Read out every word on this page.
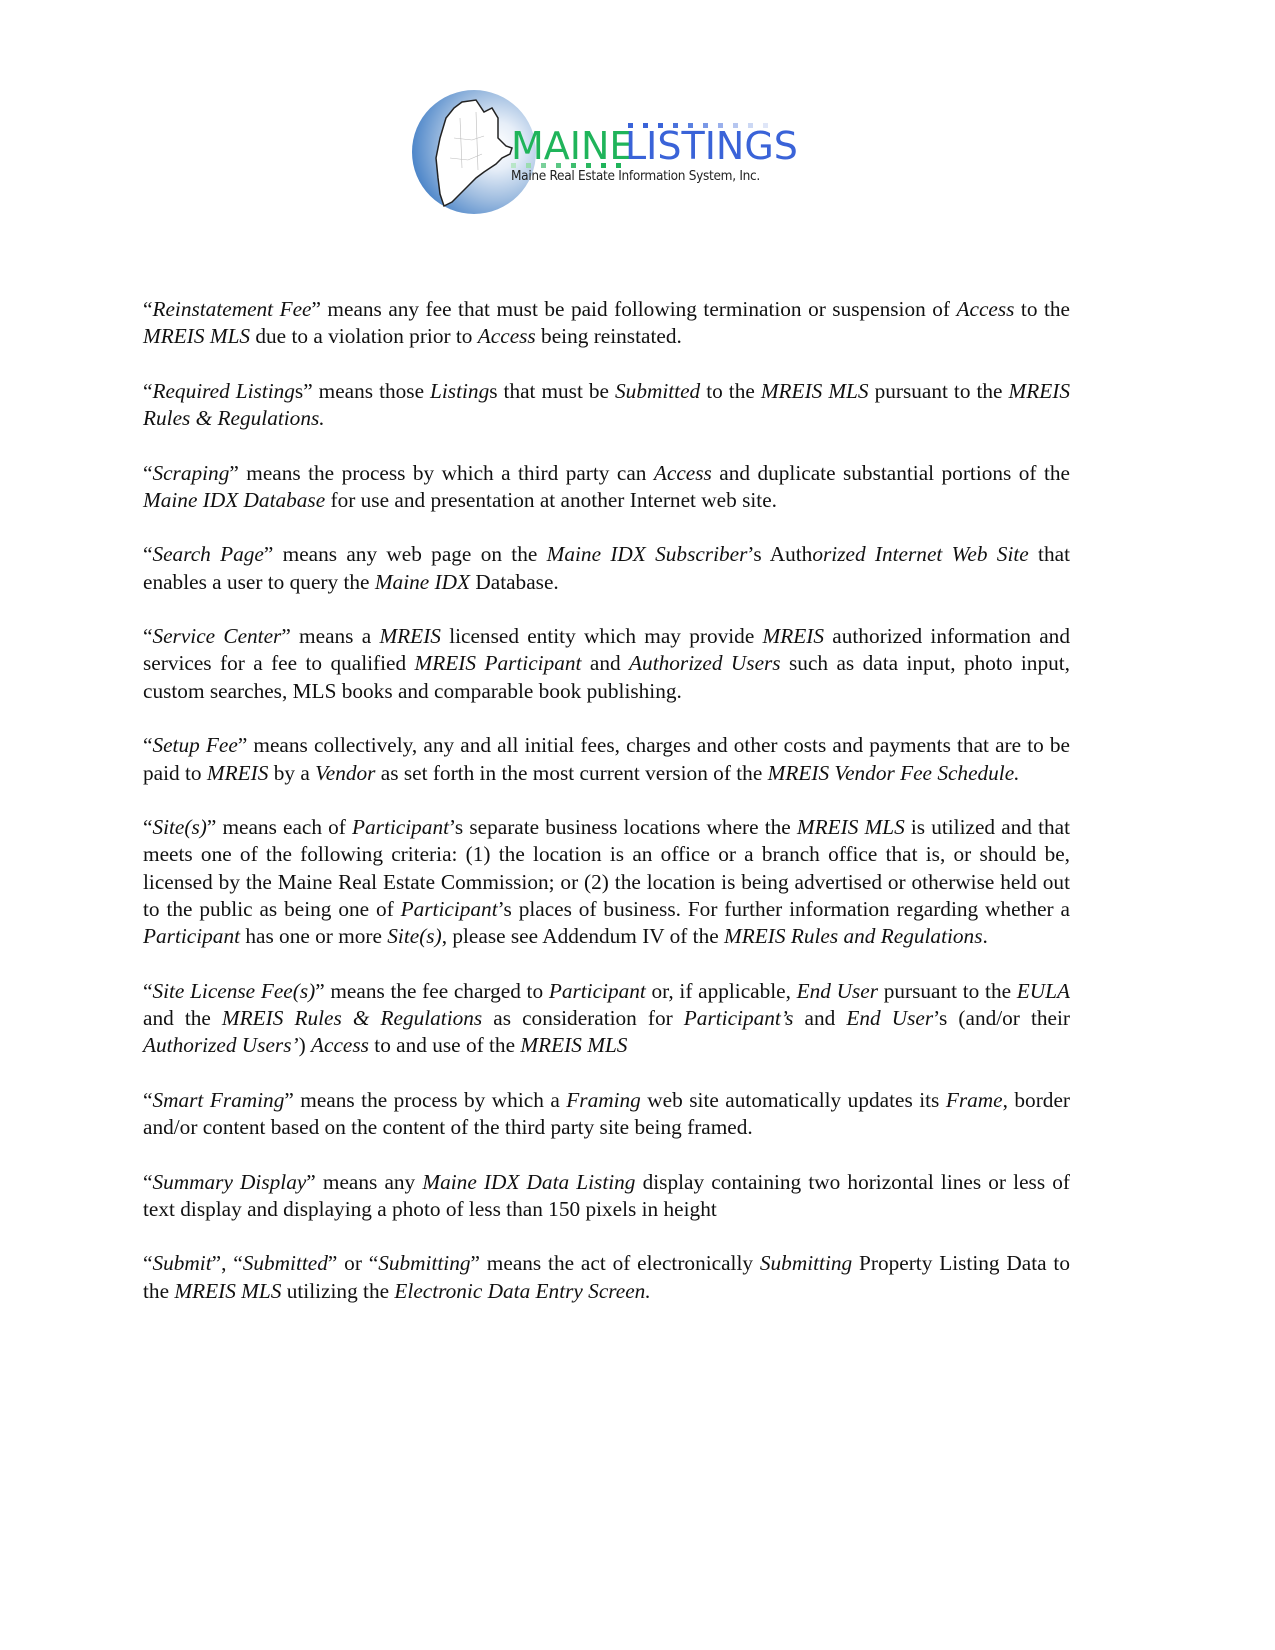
MAINE
LISTINGS
Maine Real Estate Information System, Inc.

“Reinstatement Fee” means any fee that must be paid following termination or suspension of Access to the MREIS MLS due to a violation prior to Access being reinstated.

“Required Listings” means those Listings that must be Submitted to the MREIS MLS pursuant to the MREIS Rules & Regulations.

“Scraping” means the process by which a third party can Access and duplicate substantial portions of the Maine IDX Database for use and presentation at another Internet web site.

“Search Page” means any web page on the Maine IDX Subscriber’s Authorized Internet Web Site that enables a user to query the Maine IDX Database.

“Service Center” means a MREIS licensed entity which may provide MREIS authorized information and services for a fee to qualified MREIS Participant and Authorized Users such as data input, photo input, custom searches, MLS books and comparable book publishing.

“Setup Fee” means collectively, any and all initial fees, charges and other costs and payments that are to be paid to MREIS by a Vendor as set forth in the most current version of the MREIS Vendor Fee Schedule.

“Site(s)” means each of Participant’s separate business locations where the MREIS MLS is utilized and that meets one of the following criteria: (1) the location is an office or a branch office that is, or should be, licensed by the Maine Real Estate Commission; or (2) the location is being advertised or otherwise held out to the public as being one of Participant’s places of business. For further information regarding whether a Participant has one or more Site(s), please see Addendum IV of the MREIS Rules and Regulations.

“Site License Fee(s)” means the fee charged to Participant or, if applicable, End User pursuant to the EULA and the MREIS Rules & Regulations as consideration for Participant’s and End User’s (and/or their Authorized Users’) Access to and use of the MREIS MLS

“Smart Framing” means the process by which a Framing web site automatically updates its Frame, border and/or content based on the content of the third party site being framed.

“Summary Display” means any Maine IDX Data Listing display containing two horizontal lines or less of text display and displaying a photo of less than 150 pixels in height

“Submit”, “Submitted” or “Submitting” means the act of electronically Submitting Property Listing Data to the MREIS MLS utilizing the Electronic Data Entry Screen.
